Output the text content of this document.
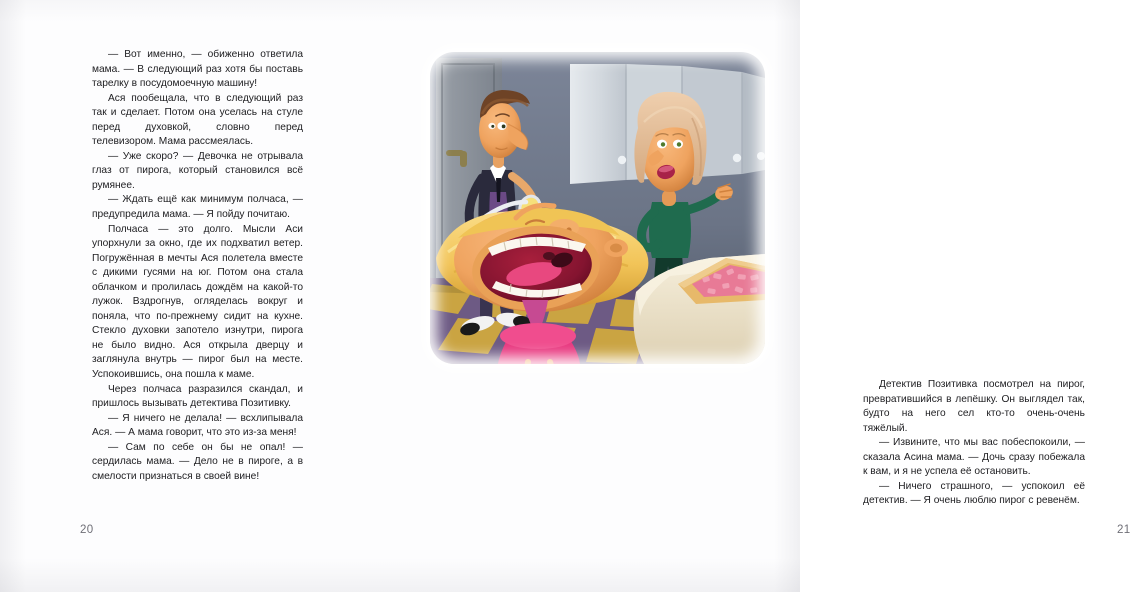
— Вот именно, — обиженно ответила мама. — В следующий раз хотя бы поставь тарелку в посудомоечную машину!

Ася пообещала, что в следующий раз так и сделает. Потом она уселась на стуле перед духовкой, словно перед телевизором. Мама рассмеялась.

— Уже скоро? — Девочка не отрывала глаз от пирога, который становился всё румянее.

— Ждать ещё как минимум полчаса, — предупредила мама. — Я пойду почитаю.

Полчаса — это долго. Мысли Аси упорхнули за окно, где их подхватил ветер. Погружённая в мечты Ася полетела вместе с дикими гусями на юг. Потом она стала облачком и пролилась дождём на какой-то лужок. Вздрогнув, огляделась вокруг и поняла, что по-прежнему сидит на кухне. Стекло духовки запотело изнутри, пирога не было видно. Ася открыла дверцу и заглянула внутрь — пирог был на месте. Успокоившись, она пошла к маме.

Через полчаса разразился скандал, и пришлось вызывать детектива Позитивку.

— Я ничего не делала! — всхлипывала Ася. — А мама говорит, что это из-за меня!

— Сам по себе он бы не опал! — сердилась мама. — Дело не в пироге, а в смелости признаться в своей вине!

20

Детектив Позитивка посмотрел на пирог, превратившийся в лепёшку. Он выглядел так, будто на него сел кто-то очень-очень тяжёлый.

— Извините, что мы вас побеспокоили, — сказала Асина мама. — Дочь сразу побежала к вам, и я не успела её остановить.

— Ничего страшного, — успокоил её детектив. — Я очень люблю пирог с ревенём.

21
